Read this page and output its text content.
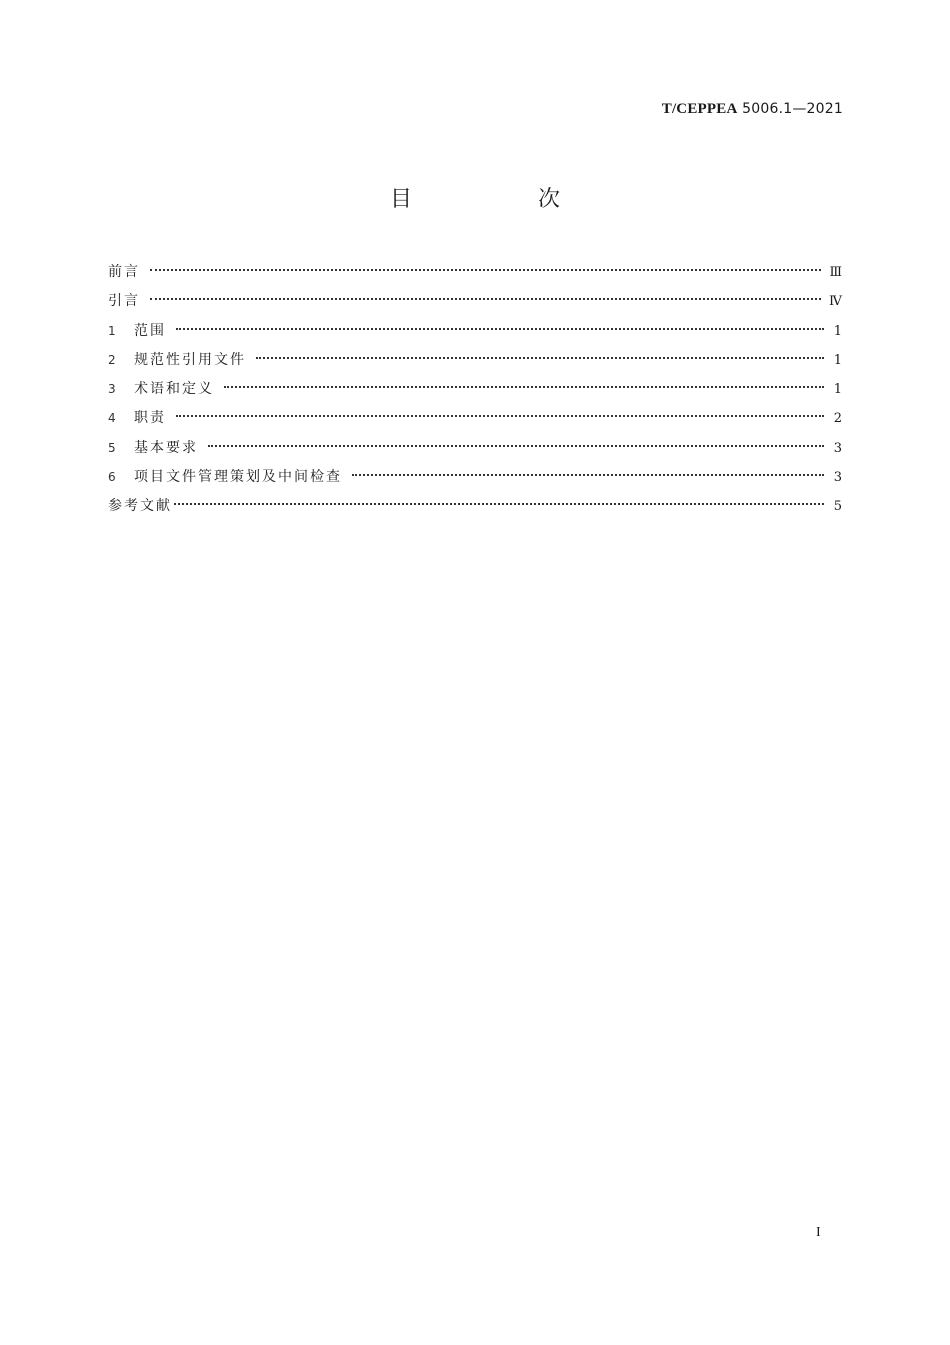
T/CEPPEA 5006.1—2021
目　次
前言	Ⅲ
引言	Ⅳ
1	范围	1
2	规范性引用文件	1
3	术语和定义	1
4	职责	2
5	基本要求	3
6	项目文件管理策划及中间检查	3
参考文献	5
I
